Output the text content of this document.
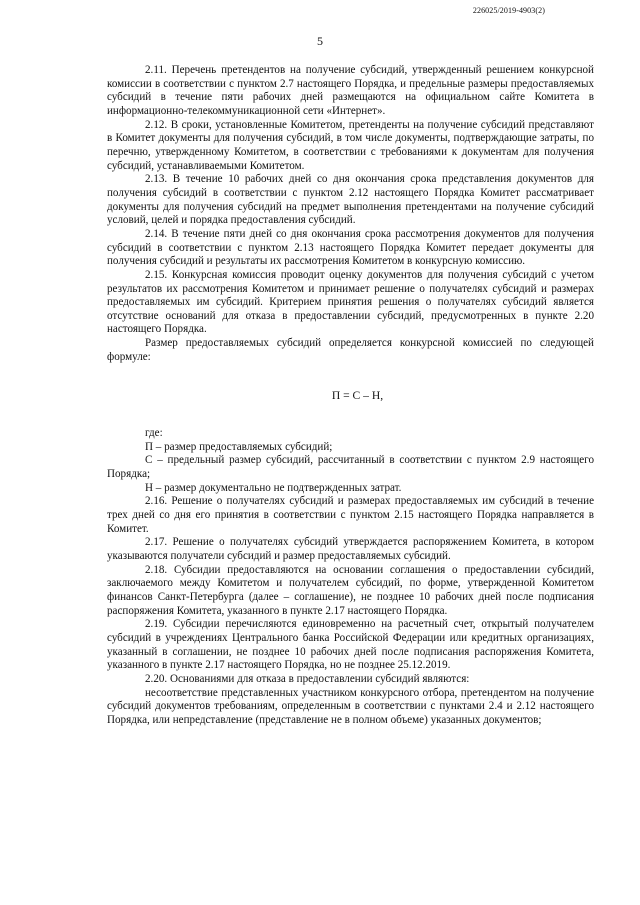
226025/2019-4903(2)
5

2.11. Перечень претендентов на получение субсидий, утвержденный решением конкурсной комиссии в соответствии с пунктом 2.7 настоящего Порядка, и предельные размеры предоставляемых субсидий в течение пяти рабочих дней размещаются на официальном сайте Комитета в информационно-телекоммуникационной сети «Интернет».

2.12. В сроки, установленные Комитетом, претенденты на получение субсидий представляют в Комитет документы для получения субсидий, в том числе документы, подтверждающие затраты, по перечню, утвержденному Комитетом, в соответствии с требованиями к документам для получения субсидий, устанавливаемыми Комитетом.

2.13. В течение 10 рабочих дней со дня окончания срока представления документов для получения субсидий в соответствии с пунктом 2.12 настоящего Порядка Комитет рассматривает документы для получения субсидий на предмет выполнения претендентами на получение субсидий условий, целей и порядка предоставления субсидий.

2.14. В течение пяти дней со дня окончания срока рассмотрения документов для получения субсидий в соответствии с пунктом 2.13 настоящего Порядка Комитет передает документы для получения субсидий и результаты их рассмотрения Комитетом в конкурсную комиссию.

2.15. Конкурсная комиссия проводит оценку документов для получения субсидий с учетом результатов их рассмотрения Комитетом и принимает решение о получателях субсидий и размерах предоставляемых им субсидий. Критерием принятия решения о получателях субсидий является отсутствие оснований для отказа в предоставлении субсидий, предусмотренных в пункте 2.20 настоящего Порядка.

Размер предоставляемых субсидий определяется конкурсной комиссией по следующей формуле:

П = С – Н,

где:

П – размер предоставляемых субсидий;

С – предельный размер субсидий, рассчитанный в соответствии с пунктом 2.9 настоящего Порядка;

Н – размер документально не подтвержденных затрат.

2.16. Решение о получателях субсидий и размерах предоставляемых им субсидий в течение трех дней со дня его принятия в соответствии с пунктом 2.15 настоящего Порядка направляется в Комитет.

2.17. Решение о получателях субсидий утверждается распоряжением Комитета, в котором указываются получатели субсидий и размер предоставляемых субсидий.

2.18. Субсидии предоставляются на основании соглашения о предоставлении субсидий, заключаемого между Комитетом и получателем субсидий, по форме, утвержденной Комитетом финансов Санкт-Петербурга (далее – соглашение), не позднее 10 рабочих дней после подписания распоряжения Комитета, указанного в пункте 2.17 настоящего Порядка.

2.19. Субсидии перечисляются единовременно на расчетный счет, открытый получателем субсидий в учреждениях Центрального банка Российской Федерации или кредитных организациях, указанный в соглашении, не позднее 10 рабочих дней после подписания распоряжения Комитета, указанного в пункте 2.17 настоящего Порядка, но не позднее 25.12.2019.

2.20. Основаниями для отказа в предоставлении субсидий являются:

несоответствие представленных участником конкурсного отбора, претендентом на получение субсидий документов требованиям, определенным в соответствии с пунктами 2.4 и 2.12 настоящего Порядка, или непредставление (представление не в полном объеме) указанных документов;
